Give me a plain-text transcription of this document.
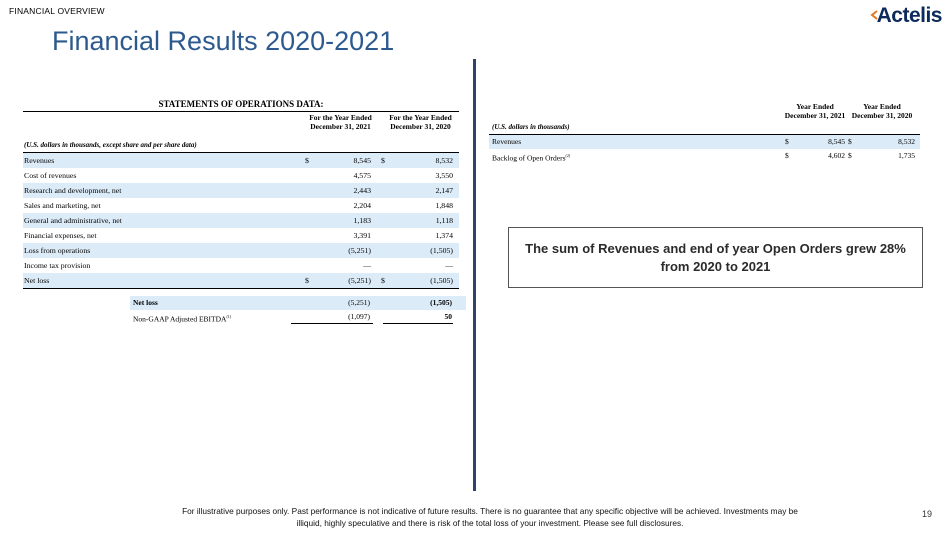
FINANCIAL OVERVIEW	Actelis
Financial Results 2020-2021
STATEMENTS OF OPERATIONS DATA:
(U.S. dollars in thousands, except share and per share data)
For the Year Ended December 31, 2021
For the Year Ended December 31, 2020
Revenues	$	8,545 $	8,532
Cost of revenues	4,575	3,550
Research and development, net	2,443	2,147
Sales and marketing, net	2,204	1,848
General and administrative, net	1,183	1,118
Financial expenses, net	3,391	1,374
Loss from operations	(5,251)	(1,505)
Income tax provision	—	—
Net loss	$	(5,251) $	(1,505)
Net loss	(5,251)	(1,505)
Non-GAAP Adjusted EBITDA$^{(1)}$	(1,097)	50
(U.S. dollars in thousands)
Year Ended December 31, 2021
Year Ended December 31, 2020
Revenues	$	8,545 $	8,532
Backlog of Open Orders$^{(2)}$	$	4,602 $	1,735
The sum of Revenues and end of year Open Orders grew 28% from 2020 to 2021
For illustrative purposes only. Past performance is not indicative of future results. There is no guarantee that any specific objective will be achieved. Investments may be illiquid, highly speculative and there is risk of the total loss of your investment. Please see full disclosures.
19
